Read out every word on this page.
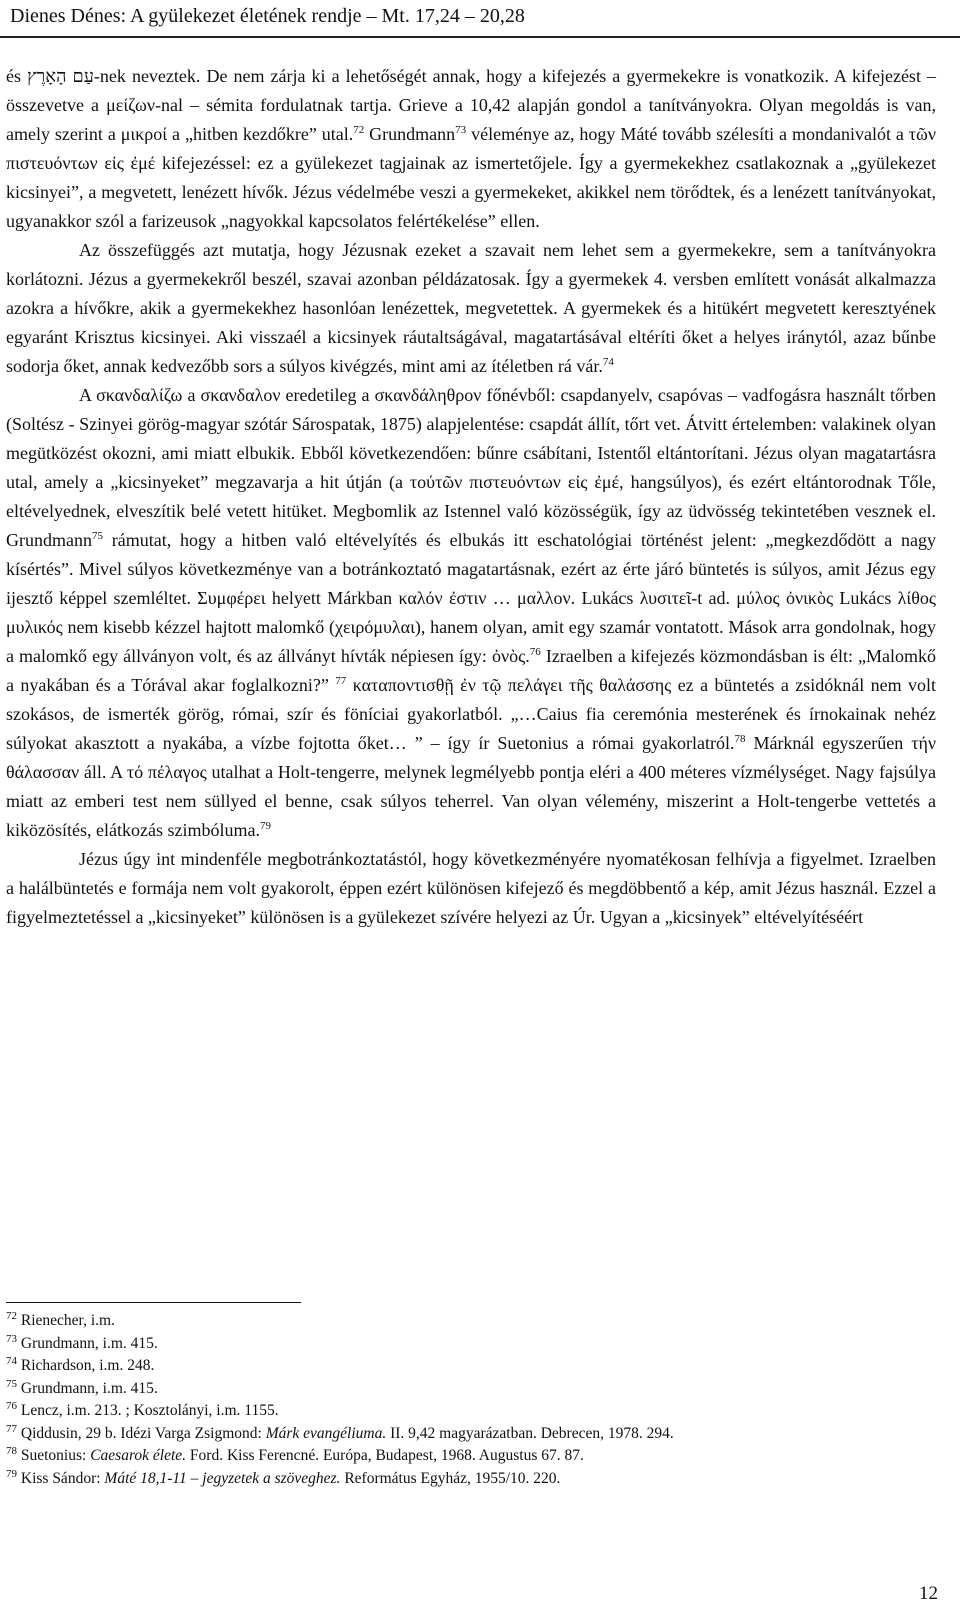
Dienes Dénes: A gyülekezet életének rendje – Mt. 17,24 – 20,28

és עַם הָאָרֶץ-nek neveztek. De nem zárja ki a lehetőségét annak, hogy a kifejezés a gyermekekre is vonatkozik. A kifejezést – összevetve a μείζων-nal – sémita fordulatnak tartja. Grieve a 10,42 alapján gondol a tanítványokra. Olyan megoldás is van, amely szerint a μικροί a „hitben kezdőkre” utal.$^{72}$ Grundmann$^{73}$ véleménye az, hogy Máté tovább szélesíti a mondanivalót a τῶν πιστευόντων εἰς ἐμέ kifejezéssel: ez a gyülekezet tagjainak az ismertetőjele. Így a gyermekekhez csatlakoznak a „gyülekezet kicsinyei”, a megvetett, lenézett hívők. Jézus védelmébe veszi a gyermekeket, akikkel nem törődtek, és a lenézett tanítványokat, ugyanakkor szól a farizeusok „nagyokkal kapcsolatos felértékelése” ellen.

Az összefüggés azt mutatja, hogy Jézusnak ezeket a szavait nem lehet sem a gyermekekre, sem a tanítványokra korlátozni. Jézus a gyermekekről beszél, szavai azonban példázatosak. Így a gyermekek 4. versben említett vonását alkalmazza azokra a hívőkre, akik a gyermekekhez hasonlóan lenézettek, megvetettek. A gyermekek és a hitükért megvetett keresztyének egyaránt Krisztus kicsinyei. Aki visszaél a kicsinyek ráutaltságával, magatartásával eltéríti őket a helyes iránytól, azaz bűnbe sodorja őket, annak kedvezőbb sors a súlyos kivégzés, mint ami az ítéletben rá vár.$^{74}$

A σκανδαλίζω a σκανδαλον eredetileg a σκανδάληθρον főnévből: csapdanyelv, csapóvas – vadfogásra használt tőrben (Soltész - Szinyei görög-magyar szótár Sárospatak, 1875) alapjelentése: csapdát állít, tőrt vet. Átvitt értelemben: valakinek olyan megütközést okozni, ami miatt elbukik. Ebből következendően: bűnre csábítani, Istentől eltántorítani. Jézus olyan magatartásra utal, amely a „kicsinyeket” megzavarja a hit útján (a τούτῶν πιστευόντων εἰς ἐμέ, hangsúlyos), és ezért eltántorodnak Tőle, eltévelyednek, elveszítik belé vetett hitüket. Megbomlik az Istennel való közösségük, így az üdvösség tekintetében vesznek el. Grundmann$^{75}$ rámutat, hogy a hitben való eltévelyítés és elbukás itt eschatológiai történést jelent: „megkezdődött a nagy kísértés”. Mivel súlyos következménye van a botránkoztató magatartásnak, ezért az érte járó büntetés is súlyos, amit Jézus egy ijesztő képpel szemléltet. Συμφέρει helyett Márkban καλόν ἐστιν … μαλλον. Lukács λυσιτεῖ-t ad. μύλος ὀνικὸς Lukács λίθος μυλικός nem kisebb kézzel hajtott malomkő (χειρόμυλαι), hanem olyan, amit egy szamár vontatott. Mások arra gondolnak, hogy a malomkő egy állványon volt, és az állványt hívták népiesen így: ὀνὸς.$^{76}$ Izraelben a kifejezés közmondásban is élt: „Malomkő a nyakában és a Tórával akar foglalkozni?” $^{77}$ καταποντισθῇ ἐν τῷ πελάγει τῆς θαλάσσης ez a büntetés a zsidóknál nem volt szokásos, de ismerték görög, római, szír és föníciai gyakorlatból. „…Caius fia ceremónia mesterének és írnokainak nehéz súlyokat akasztott a nyakába, a vízbe fojtotta őket… ” – így ír Suetonius a római gyakorlatról.$^{78}$ Márknál egyszerűen τήν θάλασσαν áll. A τό πέλαγος utalhat a Holt-tengerre, melynek legmélyebb pontja eléri a 400 méteres vízmélységet. Nagy fajsúlya miatt az emberi test nem süllyed el benne, csak súlyos teherrel. Van olyan vélemény, miszerint a Holt-tengerbe vettetés a kiközösítés, elátkozás szimbóluma.$^{79}$

Jézus úgy int mindenféle megbotránkoztatástól, hogy következményére nyomatékosan felhívja a figyelmet. Izraelben a halálbüntetés e formája nem volt gyakorolt, éppen ezért különösen kifejező és megdöbbentő a kép, amit Jézus használ. Ezzel a figyelmeztetéssel a „kicsinyeket” különösen is a gyülekezet szívére helyezi az Úr. Ugyan a „kicsinyek” eltévelyítéséért

$^{72}$ Rienecher, i.m.
$^{73}$ Grundmann, i.m. 415.
$^{74}$ Richardson, i.m. 248.
$^{75}$ Grundmann, i.m. 415.
$^{76}$ Lencz, i.m. 213. ; Kosztolányi, i.m. 1155.
$^{77}$ Qiddusin, 29 b. Idézi Varga Zsigmond: Márk evangéliuma. II. 9,42 magyarázatban. Debrecen, 1978. 294.
$^{78}$ Suetonius: Caesarok élete. Ford. Kiss Ferencné. Európa, Budapest, 1968. Augustus 67. 87.
$^{79}$ Kiss Sándor: Máté 18,1-11 – jegyzetek a szöveghez. Református Egyház, 1955/10. 220.
12
